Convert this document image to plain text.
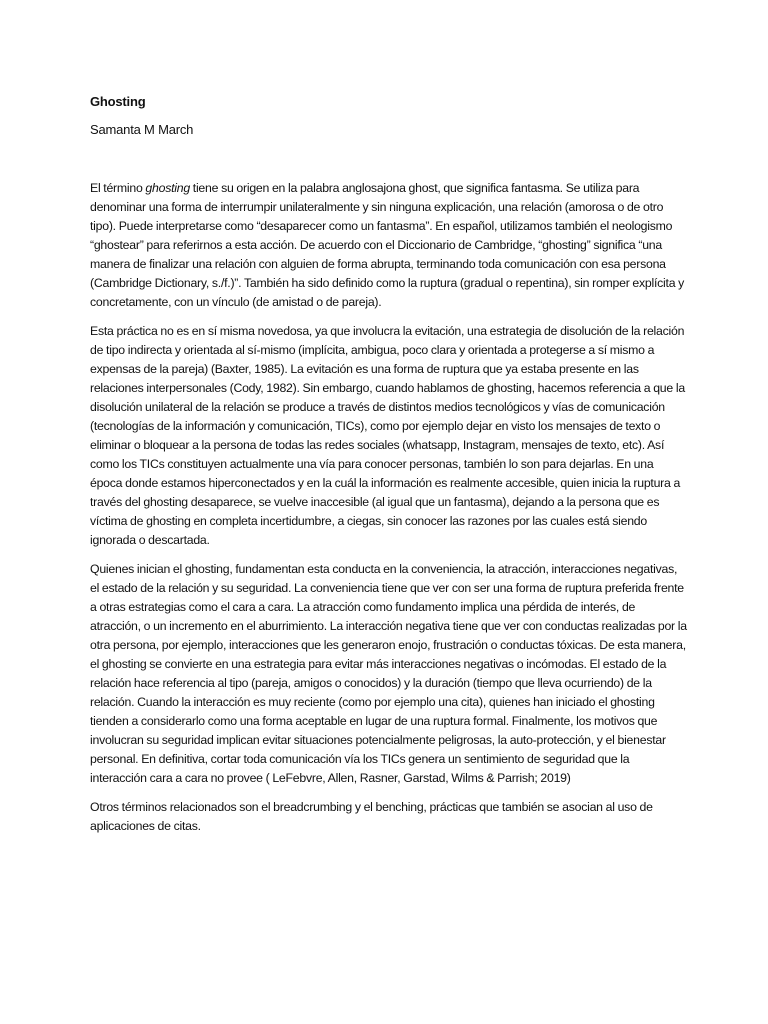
Ghosting

Samanta M March

El término ghosting tiene su origen en la palabra anglosajona ghost, que significa fantasma. Se utiliza para denominar una forma de interrumpir unilateralmente y sin ninguna explicación, una relación (amorosa o de otro tipo). Puede interpretarse como “desaparecer como un fantasma”. En español, utilizamos también el neologismo “ghostear” para referirnos a esta acción. De acuerdo con el Diccionario de Cambridge, “ghosting” significa “una manera de finalizar una relación con alguien de forma abrupta, terminando toda comunicación con esa persona (Cambridge Dictionary, s./f.)”. También ha sido definido como la ruptura (gradual o repentina), sin romper explícita y concretamente, con un vínculo (de amistad o de pareja).

Esta práctica no es en sí misma novedosa, ya que involucra la evitación, una estrategia de disolución de la relación de tipo indirecta y orientada al sí-mismo (implícita, ambigua, poco clara y orientada a protegerse a sí mismo a expensas de la pareja) (Baxter, 1985). La evitación es una forma de ruptura que ya estaba presente en las relaciones interpersonales (Cody, 1982). Sin embargo, cuando hablamos de ghosting, hacemos referencia a que la disolución unilateral de la relación se produce a través de distintos medios tecnológicos y vías de comunicación (tecnologías de la información y comunicación, TICs), como por ejemplo dejar en visto los mensajes de texto o eliminar o bloquear a la persona de todas las redes sociales (whatsapp, Instagram, mensajes de texto, etc). Así como los TICs constituyen actualmente una vía para conocer personas, también lo son para dejarlas. En una época donde estamos hiperconectados y en la cuál la información es realmente accesible, quien inicia la ruptura a través del ghosting desaparece, se vuelve inaccesible (al igual que un fantasma), dejando a la persona que es víctima de ghosting en completa incertidumbre, a ciegas, sin conocer las razones por las cuales está siendo ignorada o descartada.

Quienes inician el ghosting, fundamentan esta conducta en la conveniencia, la atracción, interacciones negativas, el estado de la relación y su seguridad. La conveniencia tiene que ver con ser una forma de ruptura preferida frente a otras estrategias como el cara a cara. La atracción como fundamento implica una pérdida de interés, de atracción, o un incremento en el aburrimiento. La interacción negativa tiene que ver con conductas realizadas por la otra persona, por ejemplo, interacciones que les generaron enojo, frustración o conductas tóxicas. De esta manera, el ghosting se convierte en una estrategia para evitar más interacciones negativas o incómodas. El estado de la relación hace referencia al tipo (pareja, amigos o conocidos) y la duración (tiempo que lleva ocurriendo) de la relación. Cuando la interacción es muy reciente (como por ejemplo una cita), quienes han iniciado el ghosting tienden a considerarlo como una forma aceptable en lugar de una ruptura formal. Finalmente, los motivos que involucran su seguridad implican evitar situaciones potencialmente peligrosas, la auto-protección, y el bienestar personal. En definitiva, cortar toda comunicación vía los TICs genera un sentimiento de seguridad que la interacción cara a cara no provee ( LeFebvre, Allen, Rasner, Garstad, Wilms & Parrish; 2019)

Otros términos relacionados son el breadcrumbing y el benching, prácticas que también se asocian al uso de aplicaciones de citas.
